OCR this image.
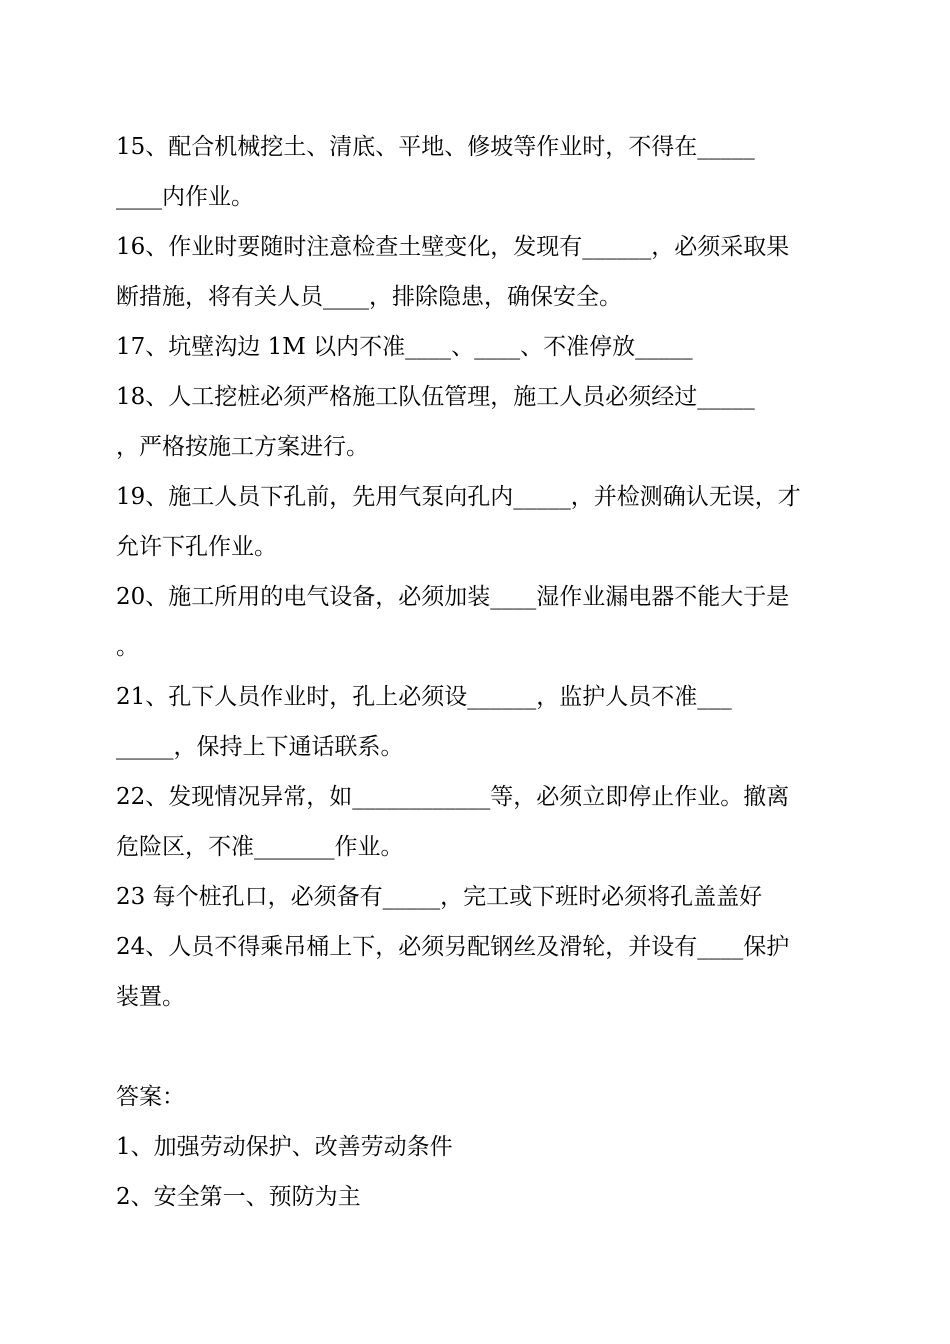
15、配合机械挖土、清底、平地、修坡等作业时，不得在_____
____内作业。
16、作业时要随时注意检查土壁变化，发现有______，必须采取果
断措施，将有关人员____，排除隐患，确保安全。
17、坑壁沟边 1M 以内不准____、____、不准停放_____
18、人工挖桩必须严格施工队伍管理，施工人员必须经过_____
，严格按施工方案进行。
19、施工人员下孔前，先用气泵向孔内_____，并检测确认无误，才
允许下孔作业。
20、施工所用的电气设备，必须加装____湿作业漏电器不能大于是
。
21、孔下人员作业时，孔上必须设______，监护人员不准___
_____，保持上下通话联系。
22、发现情况异常，如____________等，必须立即停止作业。撤离
危险区，不准_______作业。
23 每个桩孔口，必须备有_____，完工或下班时必须将孔盖盖好
24、人员不得乘吊桶上下，必须另配钢丝及滑轮，并设有____保护
装置。
答案：
1、加强劳动保护、改善劳动条件
2、安全第一、预防为主
